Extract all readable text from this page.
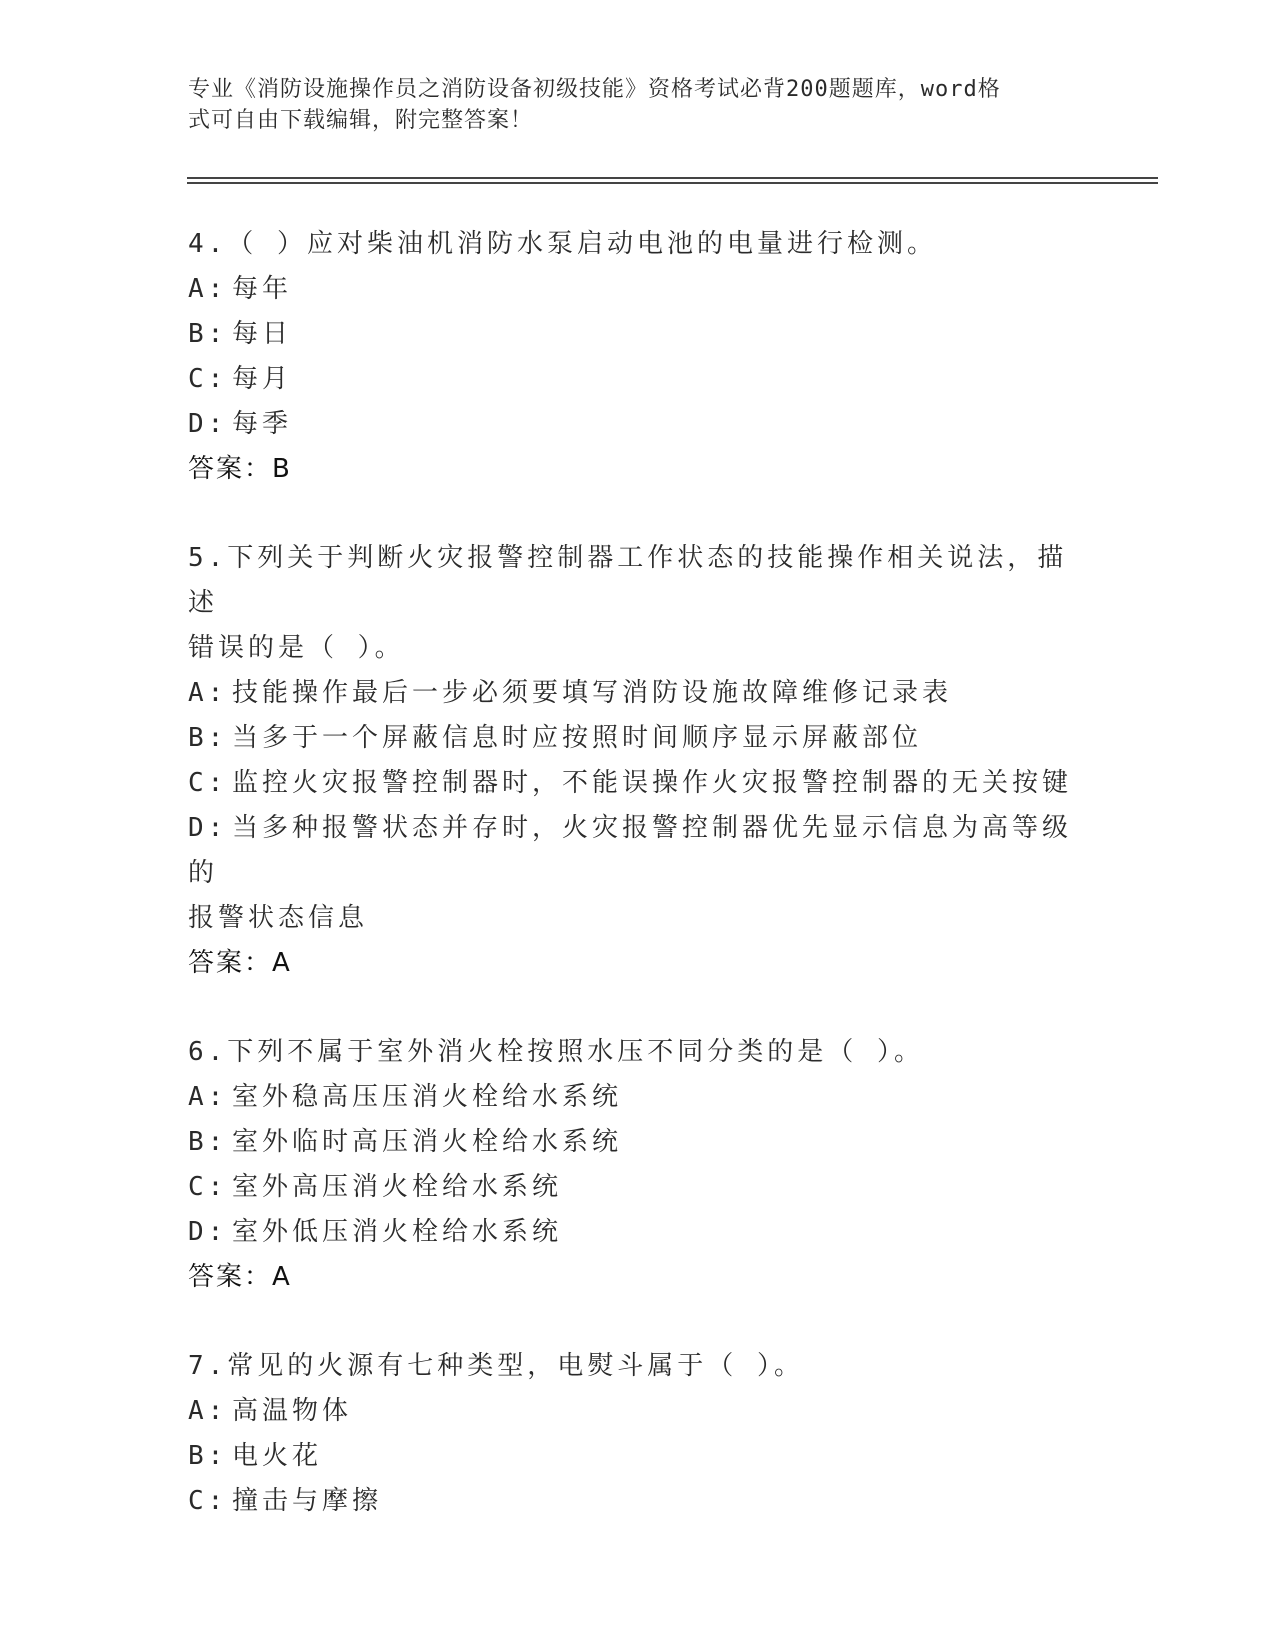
专业《消防设施操作员之消防设备初级技能》资格考试必背200题题库，word格
式可自由下载编辑，附完整答案！

4.（ ）应对柴油机消防水泵启动电池的电量进行检测。

A: 每年

B: 每日

C: 每月

D: 每季

答案：B

5.下列关于判断火灾报警控制器工作状态的技能操作相关说法，描述

错误的是（ ）。

A: 技能操作最后一步必须要填写消防设施故障维修记录表

B: 当多于一个屏蔽信息时应按照时间顺序显示屏蔽部位

C: 监控火灾报警控制器时，不能误操作火灾报警控制器的无关按键

D: 当多种报警状态并存时，火灾报警控制器优先显示信息为高等级的

报警状态信息

答案：A

6.下列不属于室外消火栓按照水压不同分类的是（ ）。

A: 室外稳高压压消火栓给水系统

B: 室外临时高压消火栓给水系统

C: 室外高压消火栓给水系统

D: 室外低压消火栓给水系统

答案：A

7.常见的火源有七种类型，电熨斗属于（ ）。

A: 高温物体

B: 电火花

C: 撞击与摩擦
